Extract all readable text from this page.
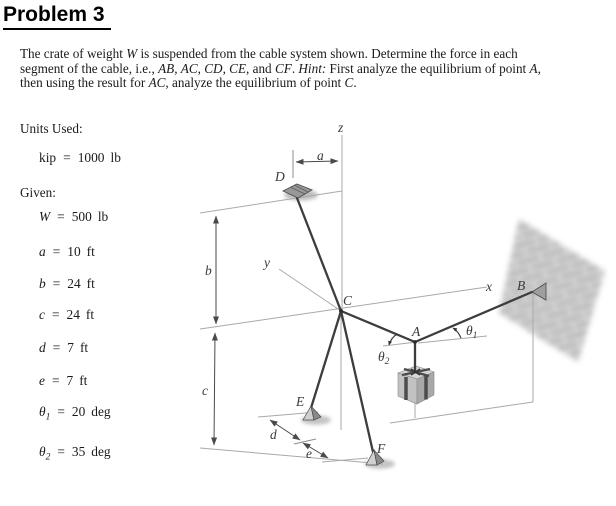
Problem 3
The crate of weight W is suspended from the cable system shown. Determine the force in each
segment of the cable, i.e., AB, AC, CD, CE, and CF. Hint: First analyze the equilibrium of point A,
then using the result for AC, analyze the equilibrium of point C.
Units Used:
kip = 1000 lb
Given:
W = 500 lb
a = 10 ft
b = 24 ft
c = 24 ft
d = 7 ft
e = 7 ft
$\theta_1 = 20$ deg
$\theta_2 = 35$ deg
z
a
D
b
y
C
x B
A	$\theta_1$
$\theta_2$
c
E
d
e	F
